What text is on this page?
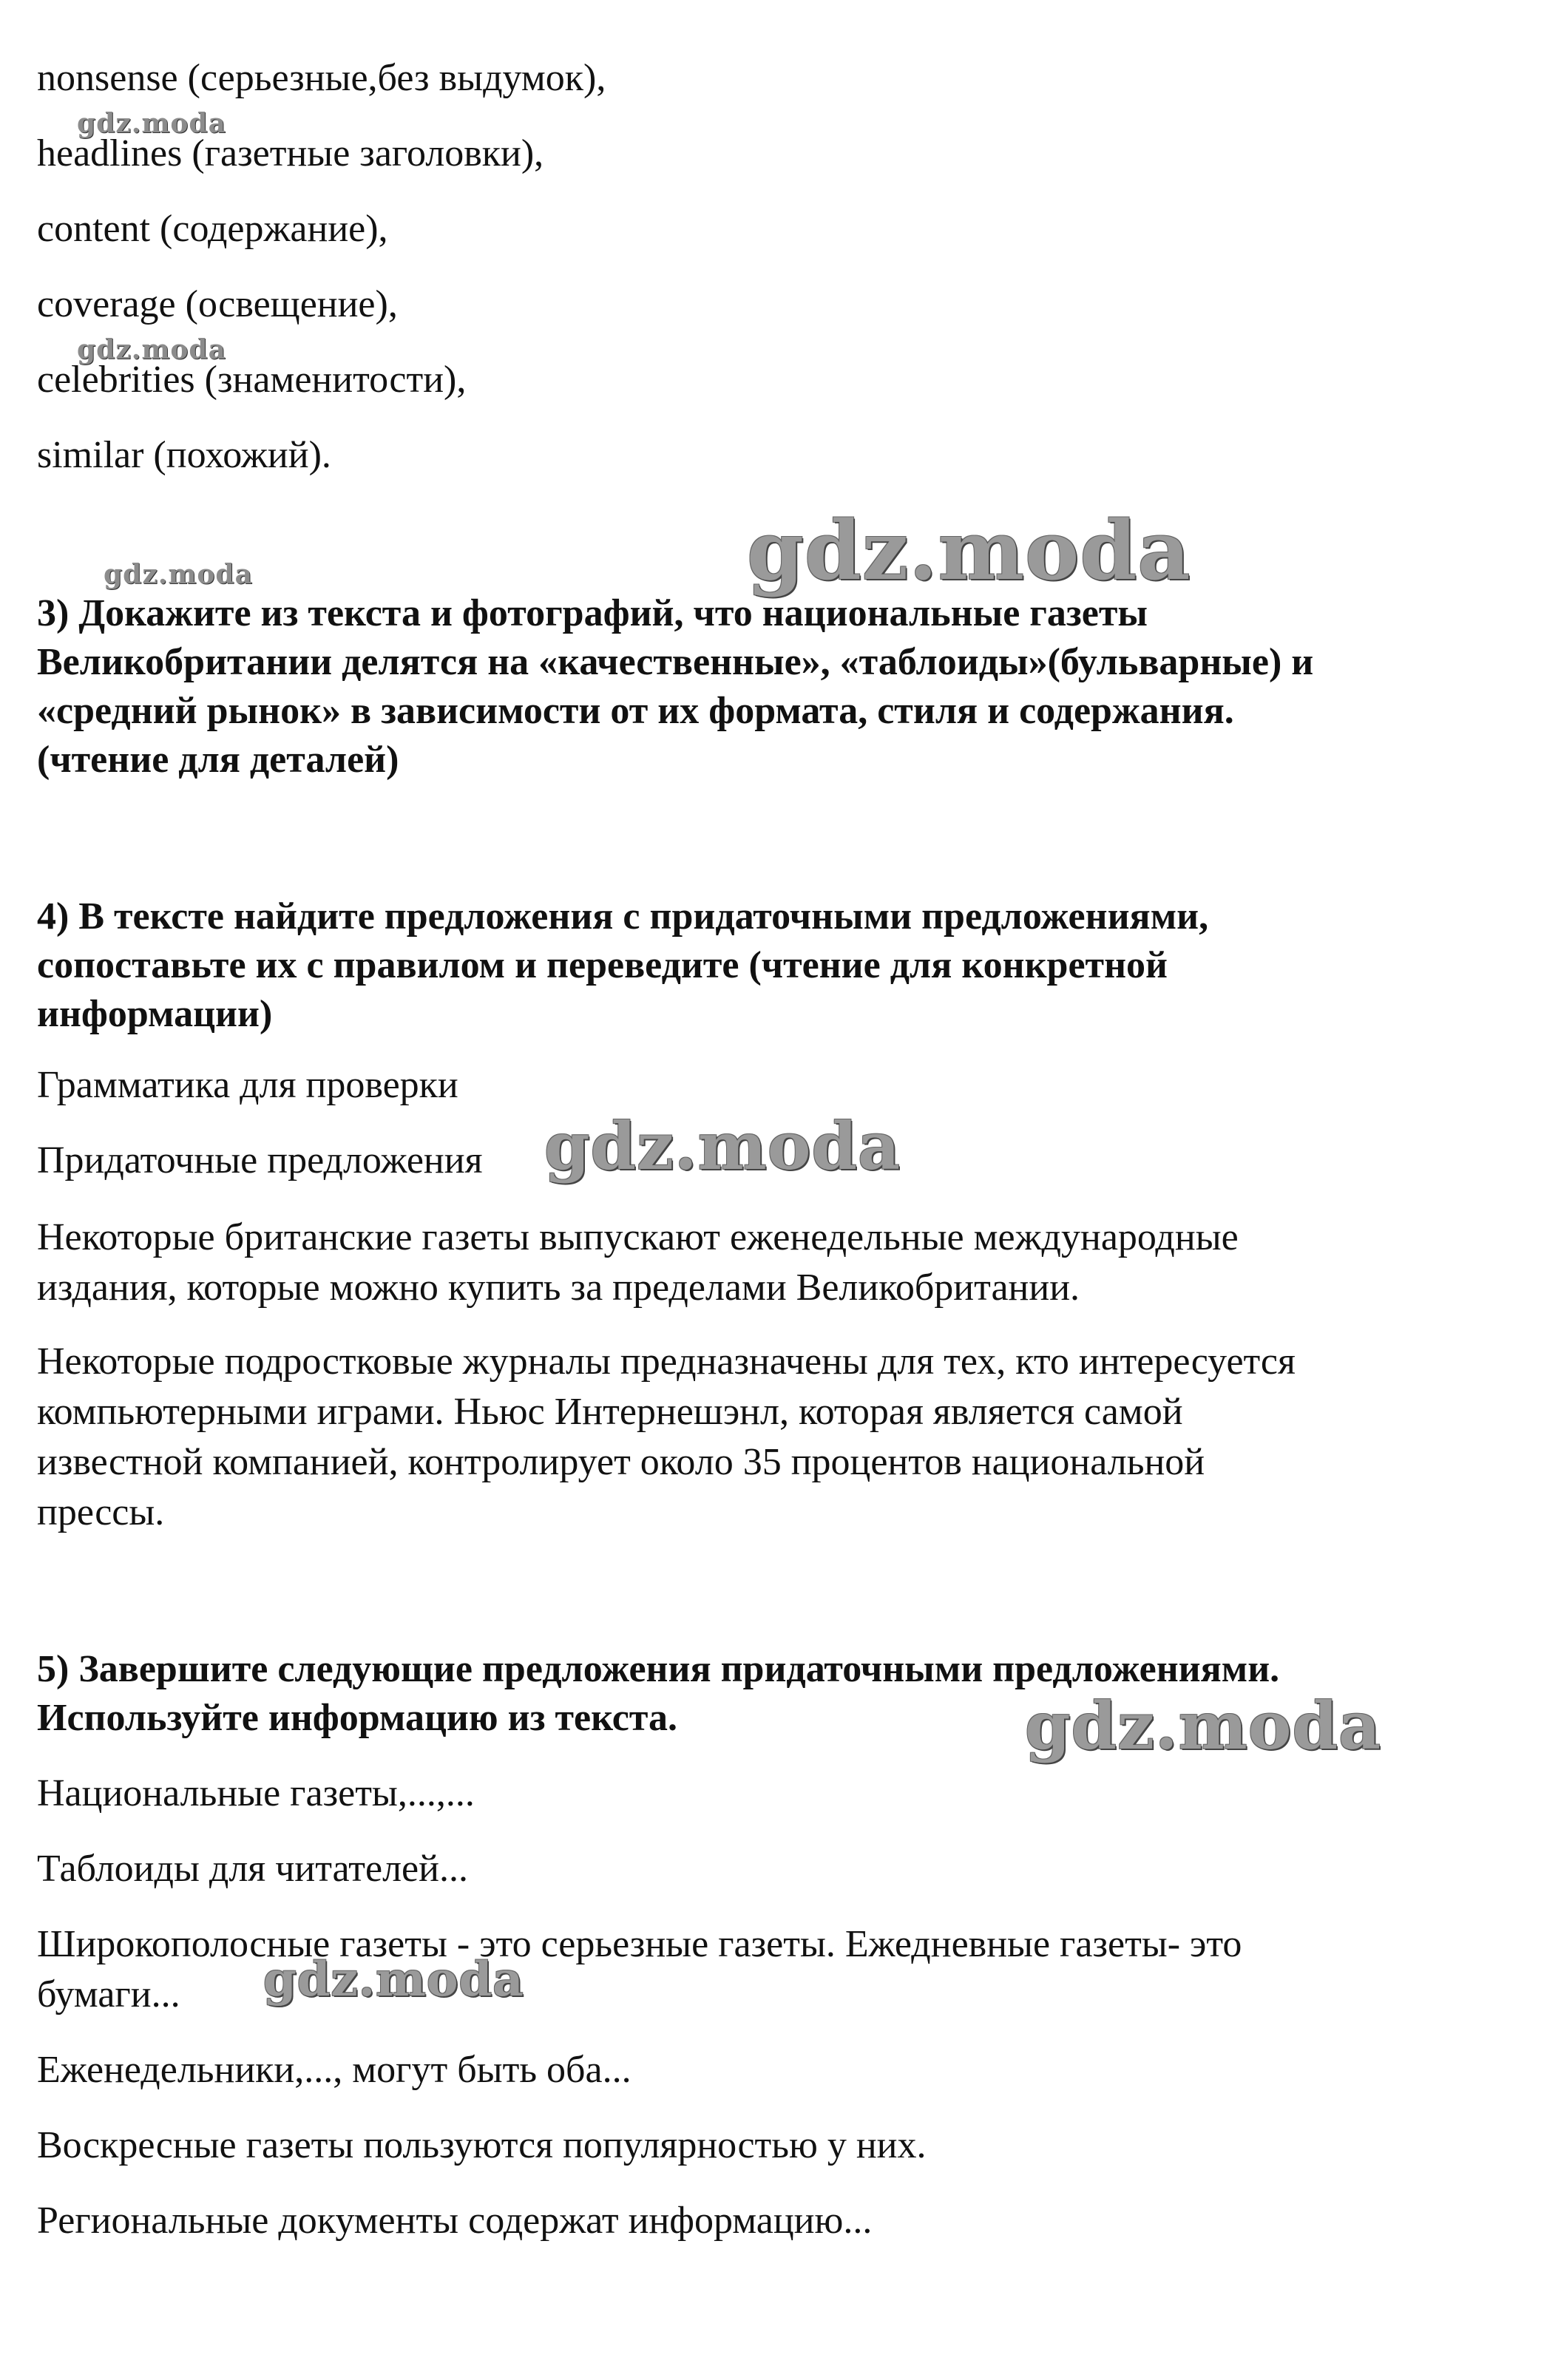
nonsense (серьезные,без выдумок),
headlines (газетные заголовки),
content (содержание),
coverage (освещение),
celebrities (знаменитости),
similar (похожий).
3) Докажите из текста и фотографий, что национальные газеты
Великобритании делятся на «качественные», «таблоиды»(бульварные) и
«средний рынок» в зависимости от их формата, стиля и содержания.
(чтение для деталей)
4) В тексте найдите предложения с придаточными предложениями,
сопоставьте их с правилом и переведите (чтение для конкретной
информации)
Грамматика для проверки
Придаточные предложения
Некоторые британские газеты выпускают еженедельные международные
издания, которые можно купить за пределами Великобритании.
Некоторые подростковые журналы предназначены для тех, кто интересуется
компьютерными играми. Ньюс Интернешэнл, которая является самой
известной компанией, контролирует около 35 процентов национальной
прессы.
5) Завершите следующие предложения придаточными предложениями.
Используйте информацию из текста.
Национальные газеты,...,...
Таблоиды для читателей...
Широкополосные газеты - это серьезные газеты. Ежедневные газеты- это
бумаги...
Еженедельники,..., могут быть оба...
Воскресные газеты пользуются популярностью у них.
Региональные документы содержат информацию...
gdz.moda
gdz.moda
gdz.moda	gdz.moda
gdz.moda
gdz.moda
gdz.moda
